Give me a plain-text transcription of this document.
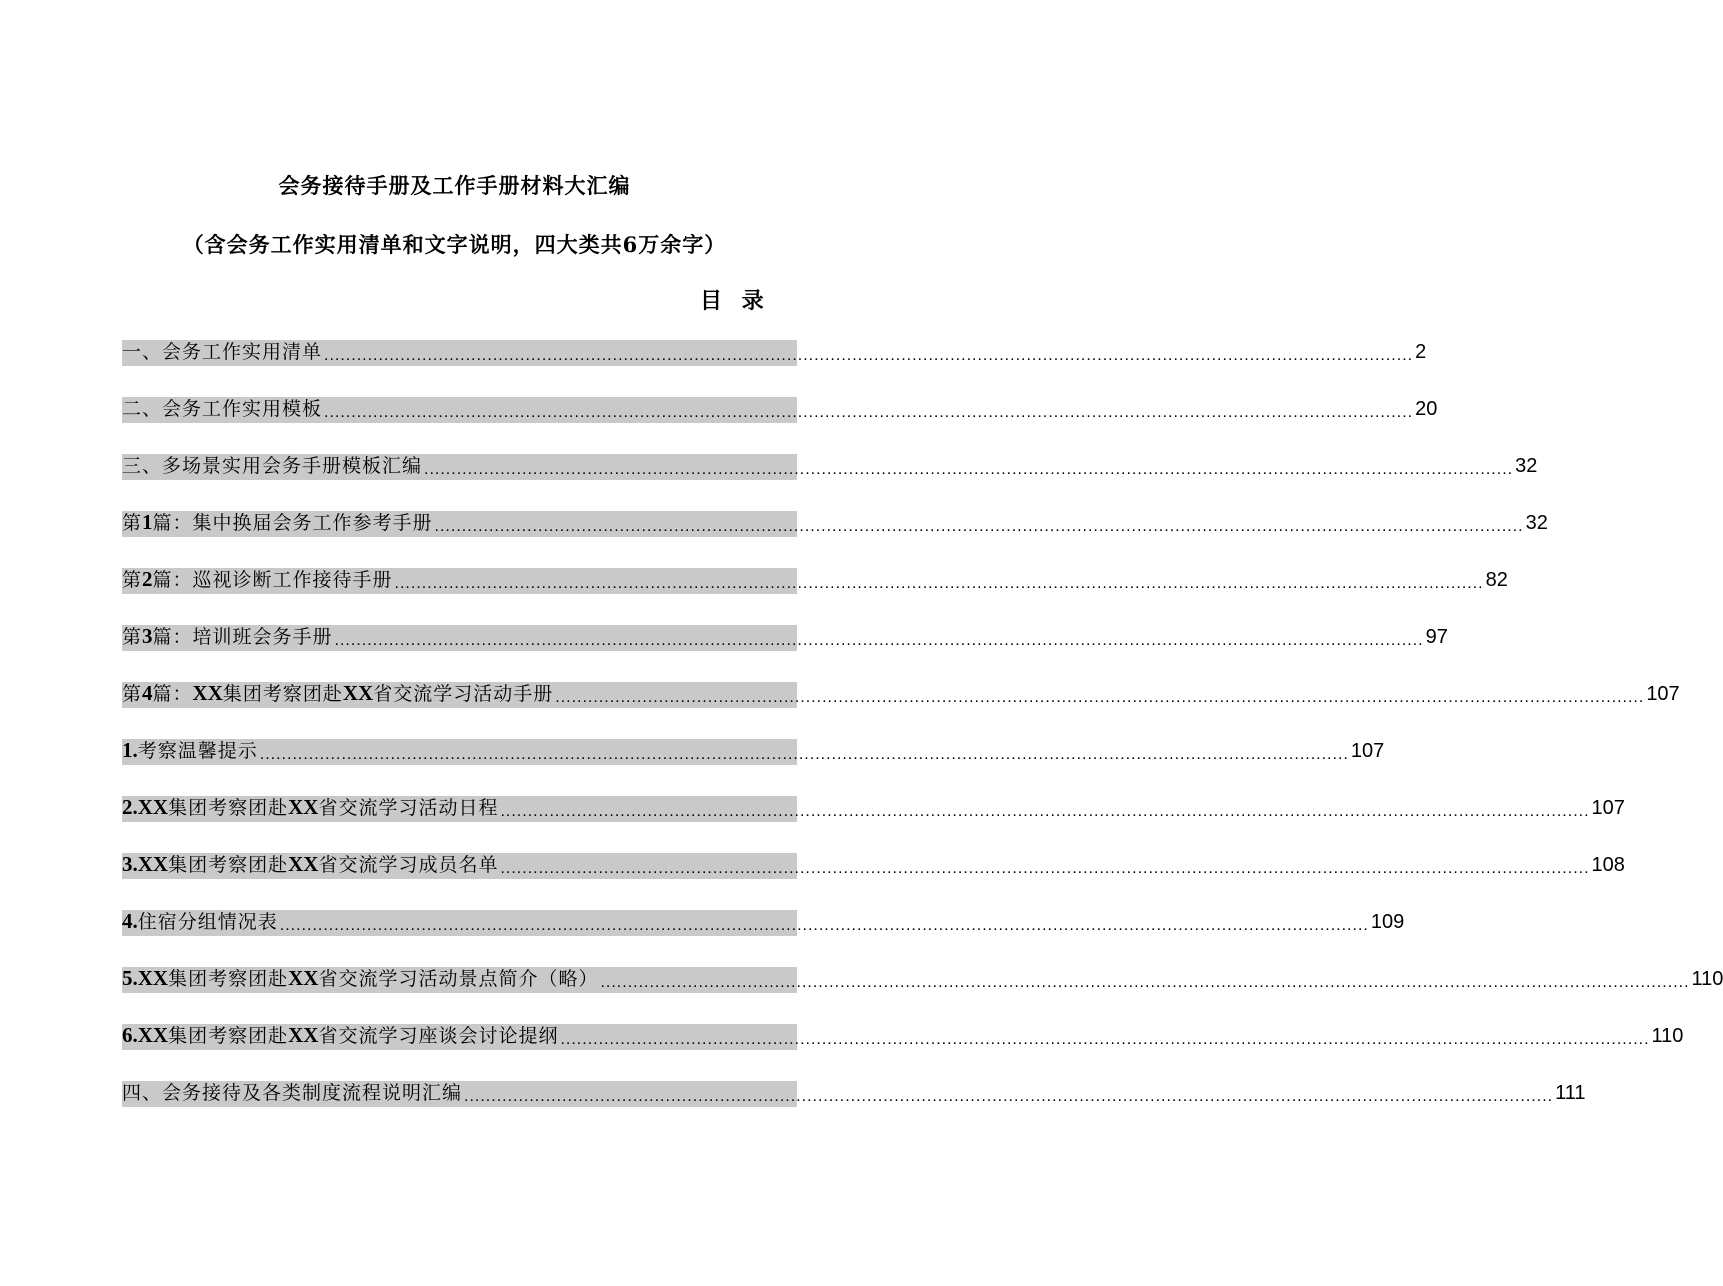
会务接待手册及工作手册材料大汇编
（含会务工作实用清单和文字说明，四大类共6万余字）
目 录
一、会务工作实用清单 ........................................................................................................................................................................................................ 2
二、会务工作实用模板 ........................................................................................................................................................................................................ 20
三、多场景实用会务手册模板汇编 ........................................................................................................................................................................................................ 32
第1篇：集中换届会务工作参考手册 ........................................................................................................................................................................................................ 32
第2篇：巡视诊断工作接待手册 ........................................................................................................................................................................................................ 82
第3篇：培训班会务手册 ........................................................................................................................................................................................................ 97
第4篇：XX集团考察团赴XX省交流学习活动手册 ........................................................................................................................................................................................................ 107
1.考察温馨提示 ........................................................................................................................................................................................................ 107
2.XX集团考察团赴XX省交流学习活动日程 ........................................................................................................................................................................................................ 107
3.XX集团考察团赴XX省交流学习成员名单 ........................................................................................................................................................................................................ 108
4.住宿分组情况表 ........................................................................................................................................................................................................ 109
5.XX集团考察团赴XX省交流学习活动景点简介（略） ........................................................................................................................................................................................................ 110
6.XX集团考察团赴XX省交流学习座谈会讨论提纲 ........................................................................................................................................................................................................ 110
四、会务接待及各类制度流程说明汇编 ........................................................................................................................................................................................................ 111
